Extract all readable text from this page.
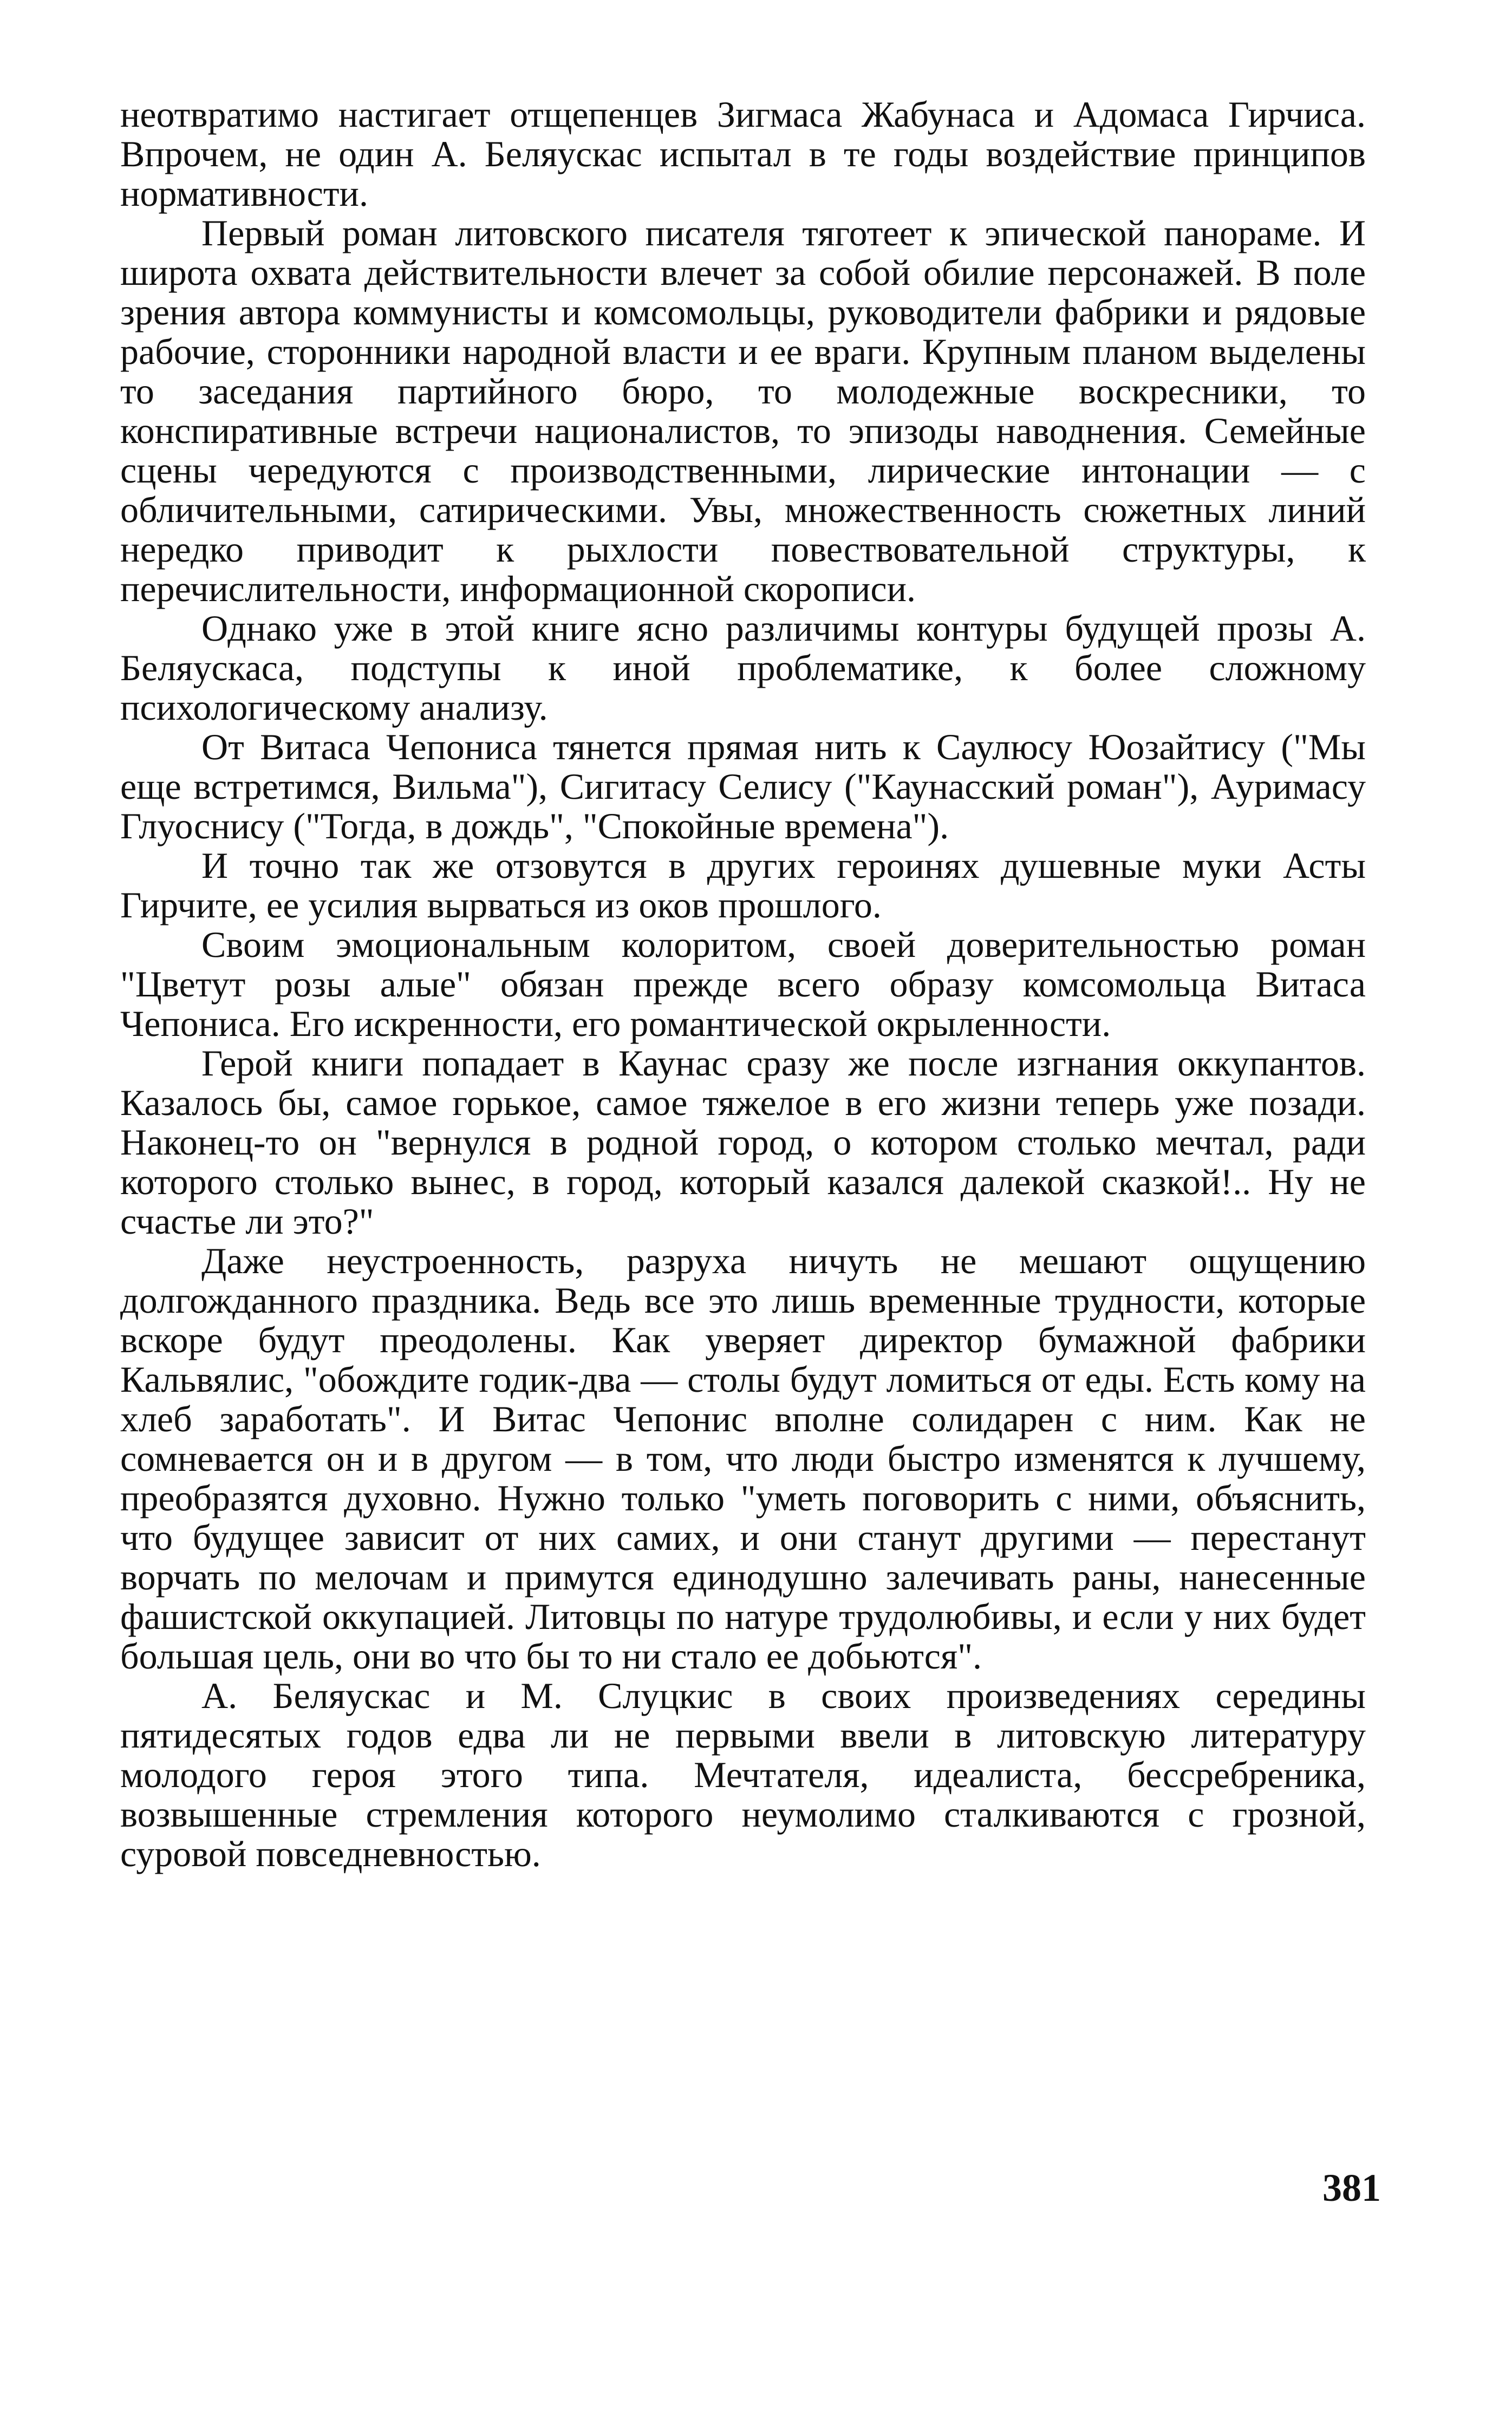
неотвратимо настигает отщепенцев Зигмаса Жабунаса и Адомаса Гирчиса. Впрочем, не один А. Беляускас испытал в те годы воздействие принципов нормативности.

Первый роман литовского писателя тяготеет к эпической панораме. И широта охвата действительности влечет за собой обилие персонажей. В поле зрения автора коммунисты и комсомольцы, руководители фабрики и рядовые рабочие, сторонники народной власти и ее враги. Крупным планом выделены то заседания партийного бюро, то молодежные воскресники, то конспиративные встречи националистов, то эпизоды наводнения. Семейные сцены чередуются с производственными, лирические интонации — с обличительными, сатирическими. Увы, множественность сюжетных линий нередко приводит к рыхлости повествовательной структуры, к перечислительности, информационной скорописи.

Однако уже в этой книге ясно различимы контуры будущей прозы А. Беляускаса, подступы к иной проблематике, к более сложному психологическому анализу.

От Витаса Чепониса тянется прямая нить к Саулюсу Юозайтису ("Мы еще встретимся, Вильма"), Сигитасу Селису ("Каунасский роман"), Ауримасу Глуоснису ("Тогда, в дождь", "Спокойные времена").

И точно так же отзовутся в других героинях душевные муки Асты Гирчите, ее усилия вырваться из оков прошлого.

Своим эмоциональным колоритом, своей доверительностью роман "Цветут розы алые" обязан прежде всего образу комсомольца Витаса Чепониса. Его искренности, его романтической окрыленности.

Герой книги попадает в Каунас сразу же после изгнания оккупантов. Казалось бы, самое горькое, самое тяжелое в его жизни теперь уже позади. Наконец-то он "вернулся в родной город, о котором столько мечтал, ради которого столько вынес, в город, который казался далекой сказкой!.. Ну не счастье ли это?"

Даже неустроенность, разруха ничуть не мешают ощущению долгожданного праздника. Ведь все это лишь временные трудности, которые вскоре будут преодолены. Как уверяет директор бумажной фабрики Кальвялис, "обождите годик-два — столы будут ломиться от еды. Есть кому на хлеб заработать". И Витас Чепонис вполне солидарен с ним. Как не сомневается он и в другом — в том, что люди быстро изменятся к лучшему, преобразятся духовно. Нужно только "уметь поговорить с ними, объяснить, что будущее зависит от них самих, и они станут другими — перестанут ворчать по мелочам и примутся единодушно залечивать раны, нанесенные фашистской оккупацией. Литовцы по натуре трудолюбивы, и если у них будет большая цель, они во что бы то ни стало ее добьются".

А. Беляускас и М. Слуцкис в своих произведениях середины пятидесятых годов едва ли не первыми ввели в литовскую литературу молодого героя этого типа. Мечтателя, идеалиста, бессребреника, возвышенные стремления которого неумолимо сталкиваются с грозной, суровой повседневностью.

381
